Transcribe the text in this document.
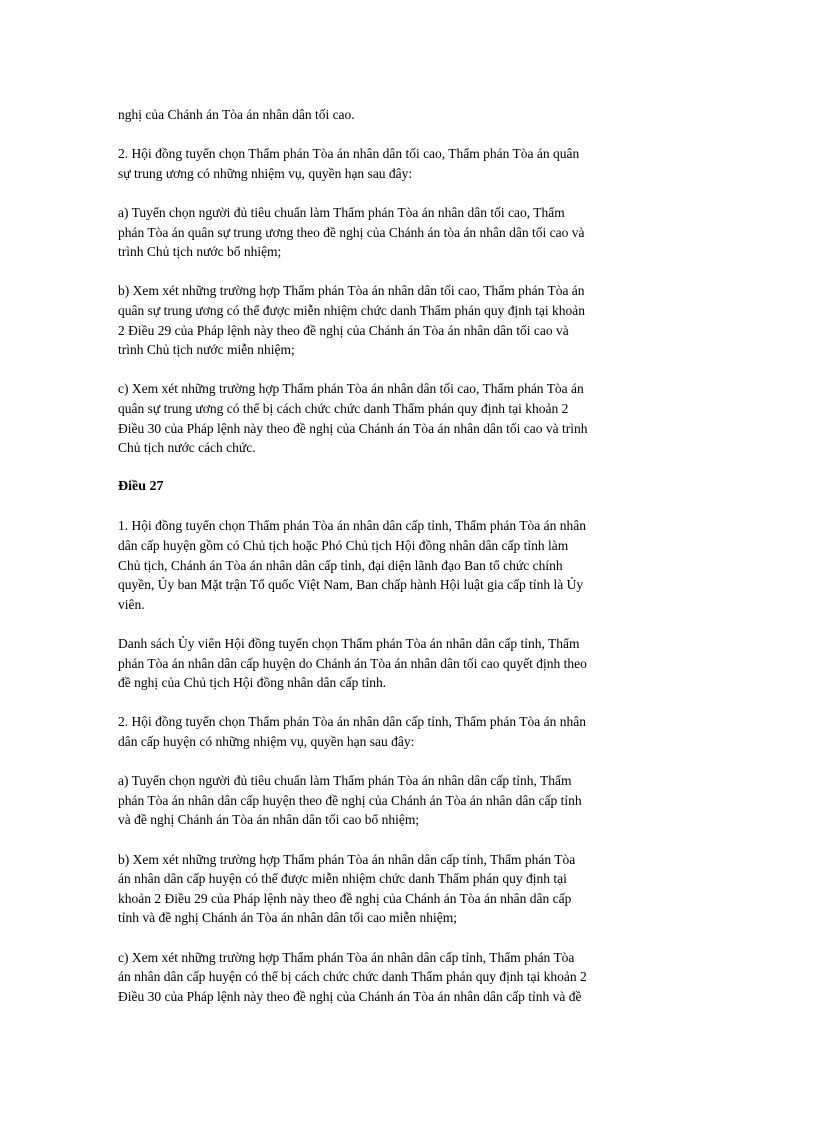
nghị của Chánh án Tòa án nhân dân tối cao.
2. Hội đồng tuyển chọn Thẩm phán Tòa án nhân dân tối cao, Thẩm phán Tòa án quân
sự trung ương có những nhiệm vụ, quyền hạn sau đây:
a) Tuyển chọn người đủ tiêu chuẩn làm Thẩm phán Tòa án nhân dân tối cao, Thẩm
phán Tòa án quân sự trung ương theo đề nghị của Chánh án tòa án nhân dân tối cao và
trình Chủ tịch nước bổ nhiệm;
b) Xem xét những trường hợp Thẩm phán Tòa án nhân dân tối cao, Thẩm phán Tòa án
quân sự trung ương có thể được miễn nhiệm chức danh Thẩm phán quy định tại khoản
2 Điều 29 của Pháp lệnh này theo đề nghị của Chánh án Tòa án nhân dân tối cao và
trình Chủ tịch nước miễn nhiệm;
c) Xem xét những trường hợp Thẩm phán Tòa án nhân dân tối cao, Thẩm phán Tòa án
quân sự trung ương có thể bị cách chức chức danh Thẩm phán quy định tại khoản 2
Điều 30 của Pháp lệnh này theo đề nghị của Chánh án Tòa án nhân dân tối cao và trình
Chủ tịch nước cách chức.
Điều 27
1. Hội đồng tuyển chọn Thẩm phán Tòa án nhân dân cấp tỉnh, Thẩm phán Tòa án nhân
dân cấp huyện gồm có Chủ tịch hoặc Phó Chủ tịch Hội đồng nhân dân cấp tỉnh làm
Chủ tịch, Chánh án Tòa án nhân dân cấp tỉnh, đại diện lãnh đạo Ban tổ chức chính
quyền, Ủy ban Mặt trận Tổ quốc Việt Nam, Ban chấp hành Hội luật gia cấp tỉnh là Ủy
viên.
Danh sách Ủy viên Hội đồng tuyển chọn Thẩm phán Tòa án nhân dân cấp tỉnh, Thẩm
phán Tòa án nhân dân cấp huyện do Chánh án Tòa án nhân dân tối cao quyết định theo
đề nghị của Chủ tịch Hội đồng nhân dân cấp tỉnh.
2. Hội đồng tuyển chọn Thẩm phán Tòa án nhân dân cấp tỉnh, Thẩm phán Tòa án nhân
dân cấp huyện có những nhiệm vụ, quyền hạn sau đây:
a) Tuyển chọn người đủ tiêu chuẩn làm Thẩm phán Tòa án nhân dân cấp tỉnh, Thẩm
phán Tòa án nhân dân cấp huyện theo đề nghị của Chánh án Tòa án nhân dân cấp tỉnh
và đề nghị Chánh án Tòa án nhân dân tối cao bổ nhiệm;
b) Xem xét những trường hợp Thẩm phán Tòa án nhân dân cấp tỉnh, Thẩm phán Tòa
án nhân dân cấp huyện có thể được miễn nhiệm chức danh Thẩm phán quy định tại
khoản 2 Điều 29 của Pháp lệnh này theo đề nghị của Chánh án Tòa án nhân dân cấp
tỉnh và đề nghị Chánh án Tòa án nhân dân tối cao miễn nhiệm;
c) Xem xét những trường hợp Thẩm phán Tòa án nhân dân cấp tỉnh, Thẩm phán Tòa
án nhân dân cấp huyện có thể bị cách chức chức danh Thẩm phán quy định tại khoản 2
Điều 30 của Pháp lệnh này theo đề nghị của Chánh án Tòa án nhân dân cấp tỉnh và đề
